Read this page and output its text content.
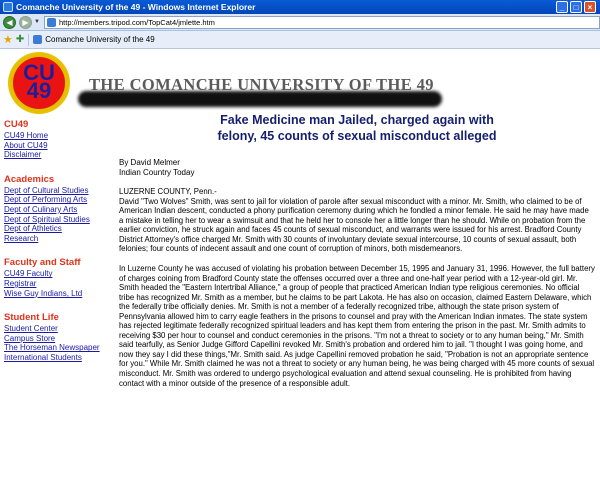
Comanche University of the 49 - Windows Internet Explorer	_	□	×
◀	▶ ▼	http://members.tripod.com/TopCat4/jmlette.htm
★ ✚	Comanche University of the 49
CU 49	THE COMANCHE UNIVERSITY OF THE 49
CU49
CU49 Home
About CU49
Disclaimer
Academics
Dept of Cultural Studies
Dept of Performing Arts
Dept of Culinary Arts
Dept of Spiritual Studies
Dept of Athletics
Research
Faculty and Staff
CU49 Faculty
Registrar
Wise Guy Indians, Ltd
Student Life
Student Center
Campus Store
The Horseman Newspaper
International Students
Fake Medicine man Jailed, charged again with
felony, 45 counts of sexual misconduct alleged
By David Melmer
Indian Country Today

LUZERNE COUNTY, Penn.-
David "Two Wolves" Smith, was sent to jail for violation of parole after sexual misconduct with a minor. Mr. Smith, who claimed to be of American Indian descent, conducted a phony purification ceremony during which he fondled a minor female. He said he may have made a mistake in telling her to wear a swimsuit and that he held her to console her a little longer than he should. While on probation from the earlier conviction, he struck again and faces 45 counts of sexual misconduct, and warrants were issued for his arrest. Bradford County District Attorney's office charged Mr. Smith with 30 counts of involuntary deviate sexual intercourse, 10 counts of sexual assault, both felonies; four counts of indecent assault and one count of corruption of minors, both misdemeanors.

In Luzerne County he was accused of violating his probation between December 15, 1995 and January 31, 1996. However, the full battery of charges coining from Bradford County state the offenses occurred over a three and one-half year period with a 12-year-old girl. Mr. Smith headed the "Eastern Intertribal Alliance," a group of people that practiced American Indian type religious ceremonies. No official tribe has recognized Mr. Smith as a member, but he claims to be part Lakota. He has also on occasion, claimed Eastern Delaware, which the federally tribe officially denies. Mr. Smith is not a member of a federally recognized tribe, although the state prison system of Pennsylvania allowed him to carry eagle feathers in the prisons to counsel and pray with the American Indian inmates. The state system has rejected legitimate federally recognized spiritual leaders and has kept them from entering the prison in the past. Mr. Smith admits to receiving $30 per hour to counsel and conduct ceremonies in the prisons. "I'm not a threat to society or to any human being," Mr. Smith said tearfully, as Senior Judge Gifford Capellini revoked Mr. Smith's probation and ordered him to jail. "I thought I was going home, and now they say I did these things,"Mr. Smith said. As judge Capellini removed probation he said, "Probation is not an appropriate sentence for you." While Mr. Smith claimed he was not a threat to society or any human being, he was being charged with 45 more counts of sexual misconduct. Mr. Smith was ordered to undergo psychological evaluation and attend sexual counseling. He is prohibited from having contact with a minor outside of the presence of a responsible adult.
